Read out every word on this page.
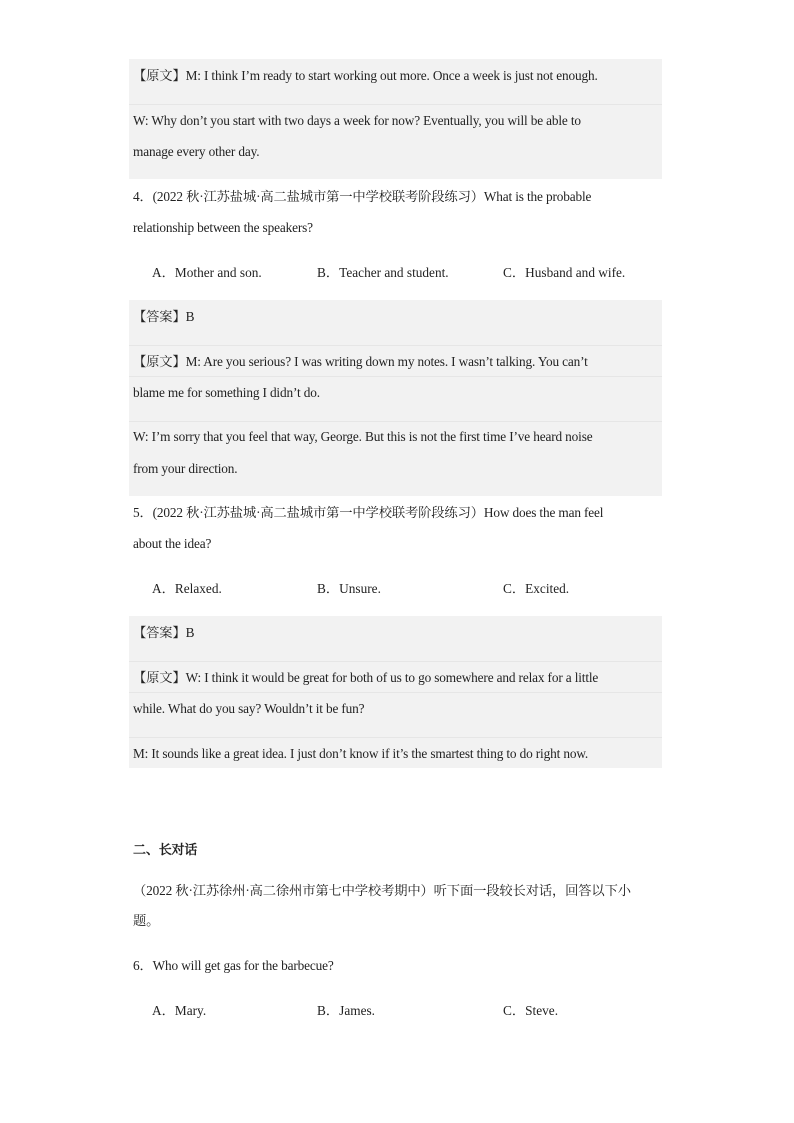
【原文】M: I think I’m ready to start working out more. Once a week is just not enough.
W: Why don’t you start with two days a week for now? Eventually, you will be able to
manage every other day.
4．(2022 秋·江苏盐城·高二盐城市第一中学校联考阶段练习）What is the probable
relationship between the speakers?
A．Mother and son.	B．Teacher and student.	C．Husband and wife.
【答案】B
【原文】M: Are you serious? I was writing down my notes. I wasn’t talking. You can’t
blame me for something I didn’t do.
W: I’m sorry that you feel that way, George. But this is not the first time I’ve heard noise
from your direction.
5．(2022 秋·江苏盐城·高二盐城市第一中学校联考阶段练习）How does the man feel
about the idea?
A．Relaxed.	B．Unsure.	C．Excited.
【答案】B
【原文】W: I think it would be great for both of us to go somewhere and relax for a little
while. What do you say? Wouldn’t it be fun?
M: It sounds like a great idea. I just don’t know if it’s the smartest thing to do right now.
二、长对话
（2022 秋·江苏徐州·高二徐州市第七中学校考期中）听下面一段较长对话，回答以下小
题。
6．Who will get gas for the barbecue?
A．Mary.	B．James.	C．Steve.
